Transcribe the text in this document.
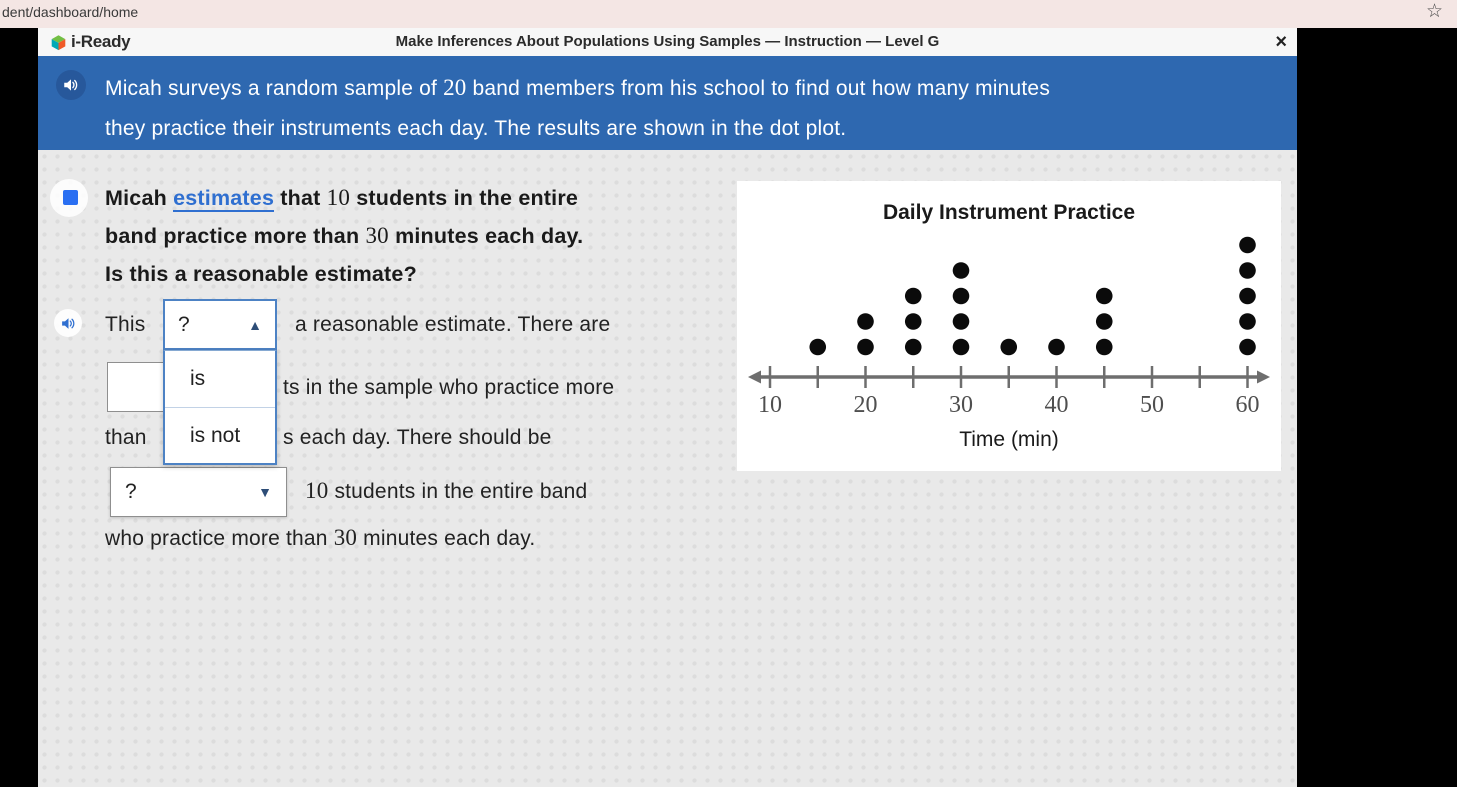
dent/dashboard/home	☆
i-Ready	Make Inferences About Populations Using Samples — Instruction — Level G	×
Micah surveys a random sample of 20 band members from his school to find out how many minutes
they practice their instruments each day. The results are shown in the dot plot.
Micah estimates that 10 students in the entire
band practice more than 30 minutes each day.
Is this a reasonable estimate?
This ?	▲
is
is not
a reasonable estimate. There are
ts in the sample who practice more
than	s each day. There should be
?	▼ 10 students in the entire band
who practice more than 30 minutes each day.
Daily Instrument Practice
10	20	30	40	50	60
Time (min)
